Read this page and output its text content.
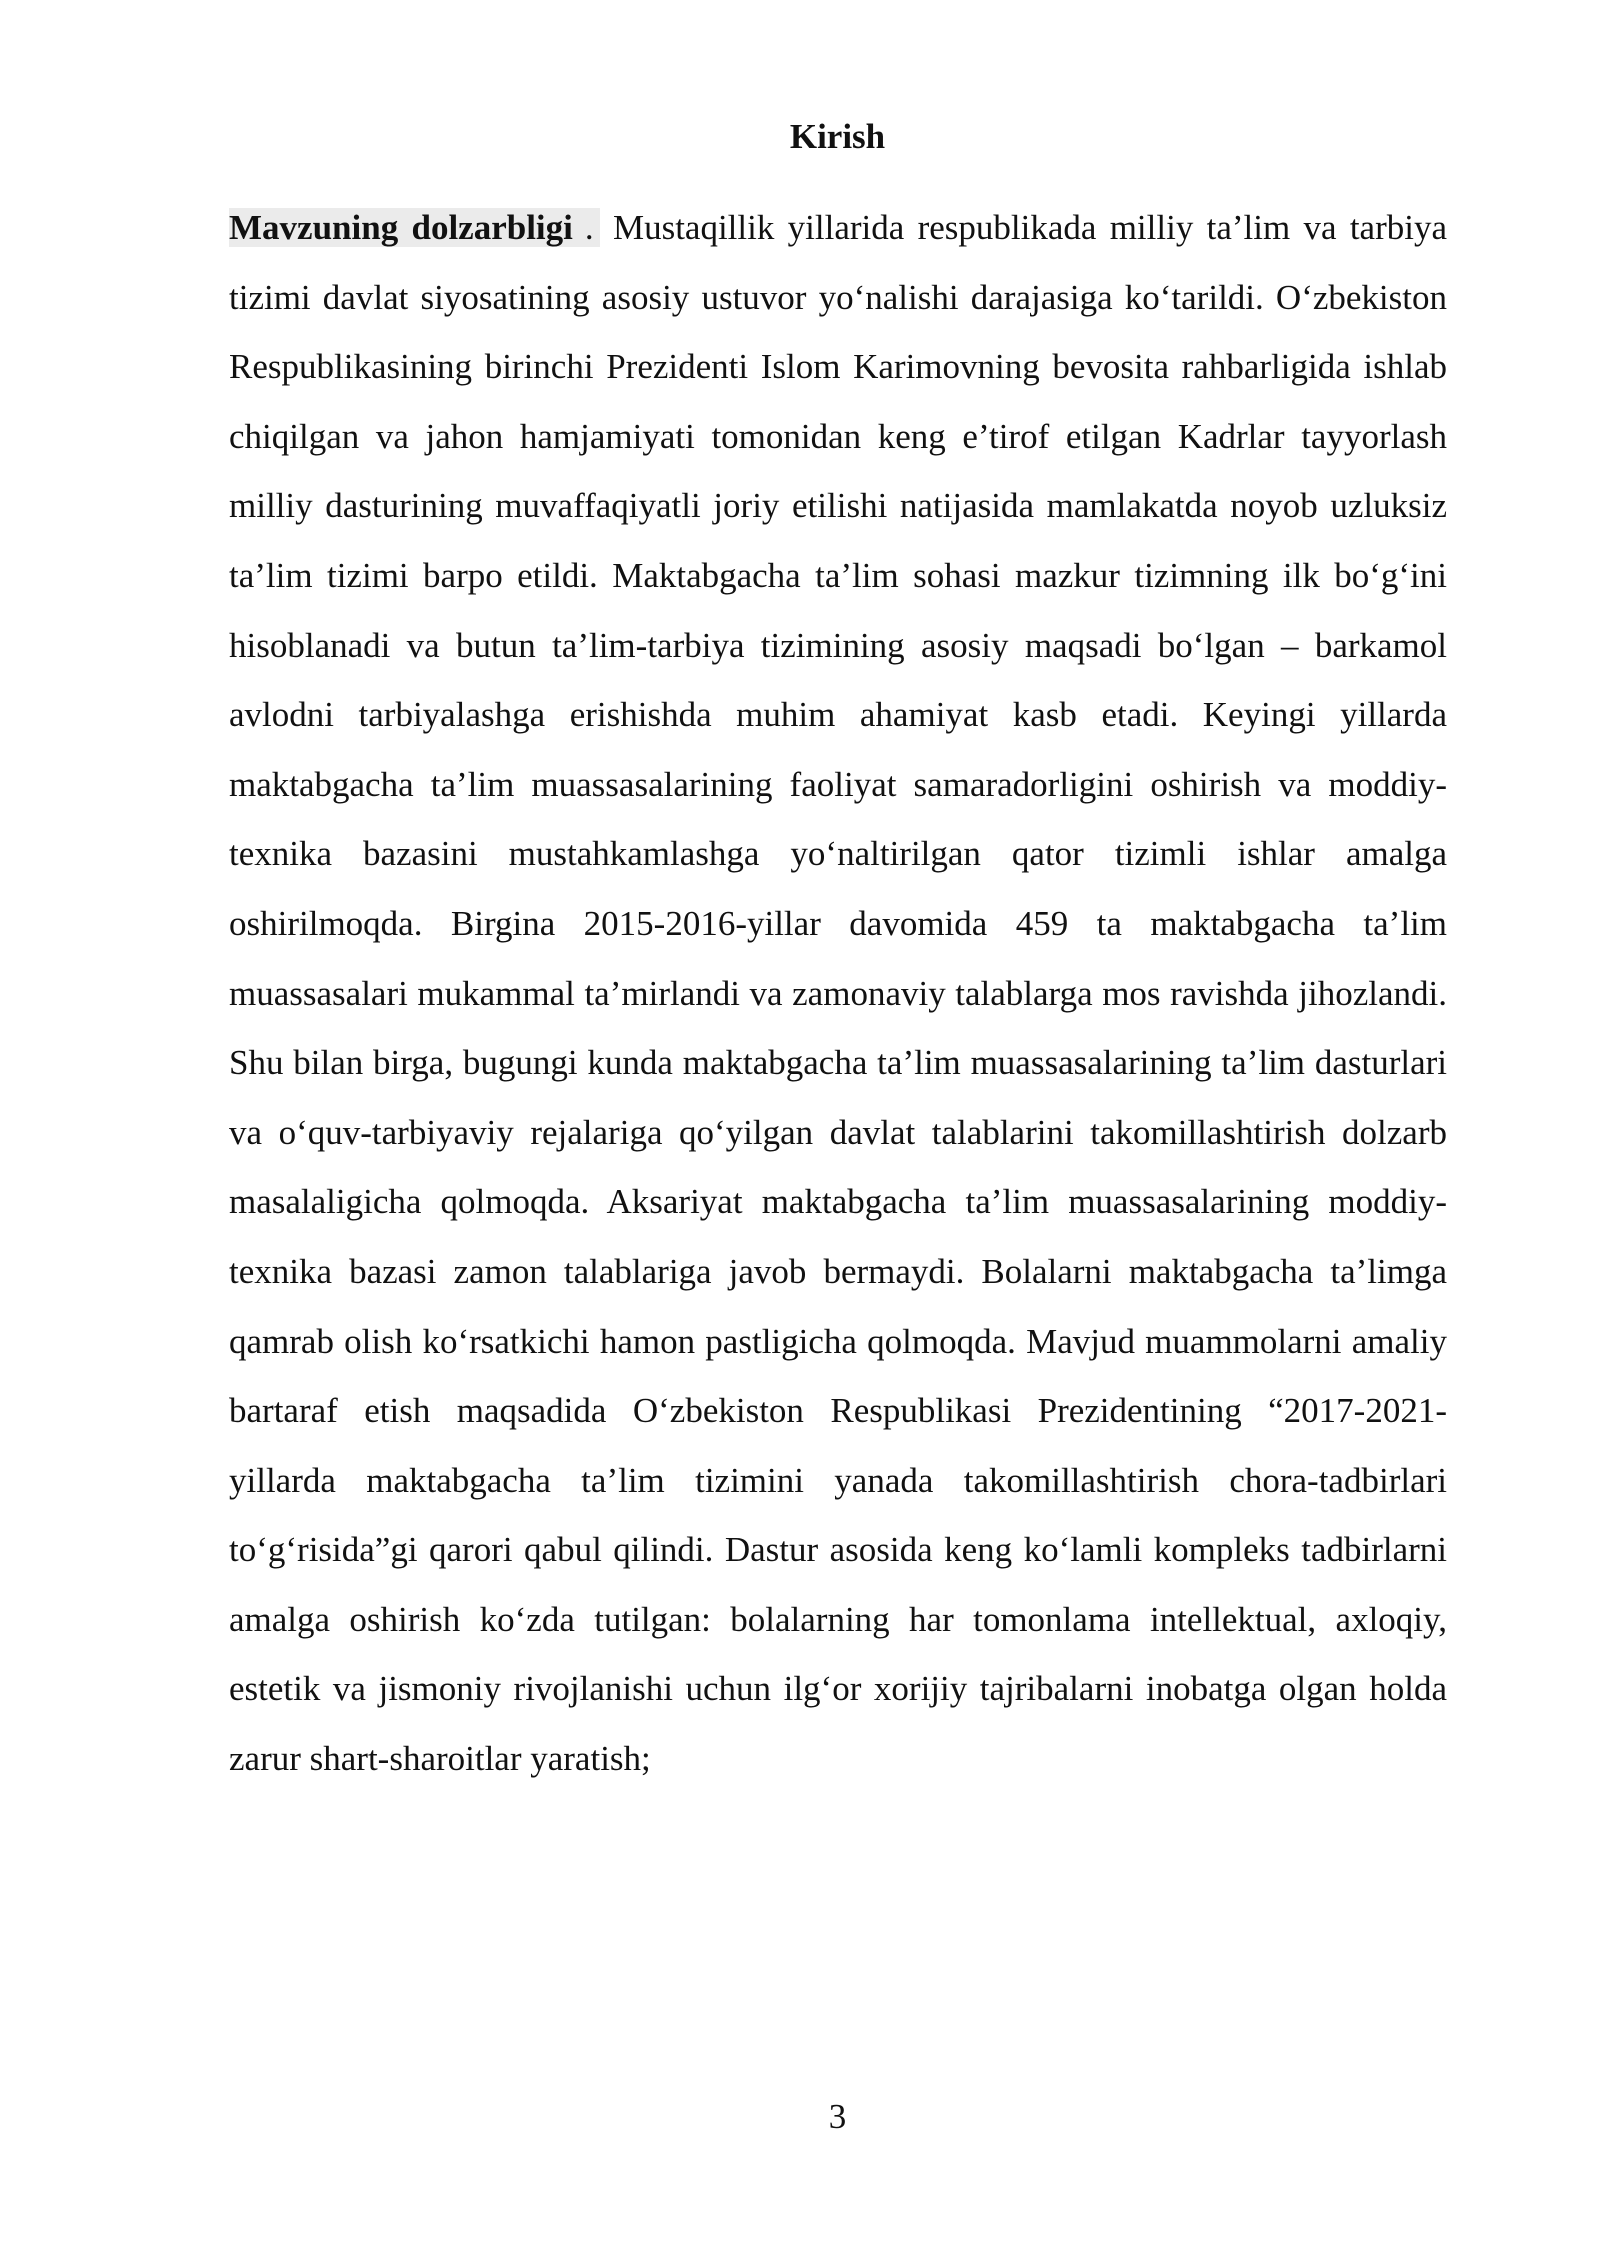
Kirish

Mavzuning dolzarbligi . Mustaqillik yillarida respublikada milliy ta’lim va tarbiya tizimi davlat siyosatining asosiy ustuvor yo‘nalishi darajasiga ko‘tarildi. O‘zbekiston Respublikasining birinchi Prezidenti Islom Karimovning bevosita rahbarligida ishlab chiqilgan va jahon hamjamiyati tomonidan keng e’tirof etilgan Kadrlar tayyorlash milliy dasturining muvaffaqiyatli joriy etilishi natijasida mamlakatda noyob uzluksiz ta’lim tizimi barpo etildi. Maktabgacha ta’lim sohasi mazkur tizimning ilk bo‘g‘ini hisoblanadi va butun ta’lim-tarbiya tizimining asosiy maqsadi bo‘lgan – barkamol avlodni tarbiyalashga erishishda muhim ahamiyat kasb etadi. Keyingi yillarda maktabgacha ta’lim muassasalarining faoliyat samaradorligini oshirish va moddiy-texnika bazasini mustahkamlashga yo‘naltirilgan qator tizimli ishlar amalga oshirilmoqda. Birgina 2015-2016-yillar davomida 459 ta maktabgacha ta’lim muassasalari mukammal ta’mirlandi va zamonaviy talablarga mos ravishda jihozlandi. Shu bilan birga, bugungi kunda maktabgacha ta’lim muassasalarining ta’lim dasturlari va o‘quv-tarbiyaviy rejalariga qo‘yilgan davlat talablarini takomillashtirish dolzarb masalaligicha qolmoqda. Aksariyat maktabgacha ta’lim muassasalarining moddiy-texnika bazasi zamon talablariga javob bermaydi. Bolalarni maktabgacha ta’limga qamrab olish ko‘rsatkichi hamon pastligicha qolmoqda. Mavjud muammolarni amaliy bartaraf etish maqsadida O‘zbekiston Respublikasi Prezidentining “2017-2021-yillarda maktabgacha ta’lim tizimini yanada takomillashtirish chora-tadbirlari to‘g‘risida”gi qarori qabul qilindi. Dastur asosida keng ko‘lamli kompleks tadbirlarni amalga oshirish ko‘zda tutilgan: bolalarning har tomonlama intellektual, axloqiy, estetik va jismoniy rivojlanishi uchun ilg‘or xorijiy tajribalarni inobatga olgan holda zarur shart-sharoitlar yaratish;

3
